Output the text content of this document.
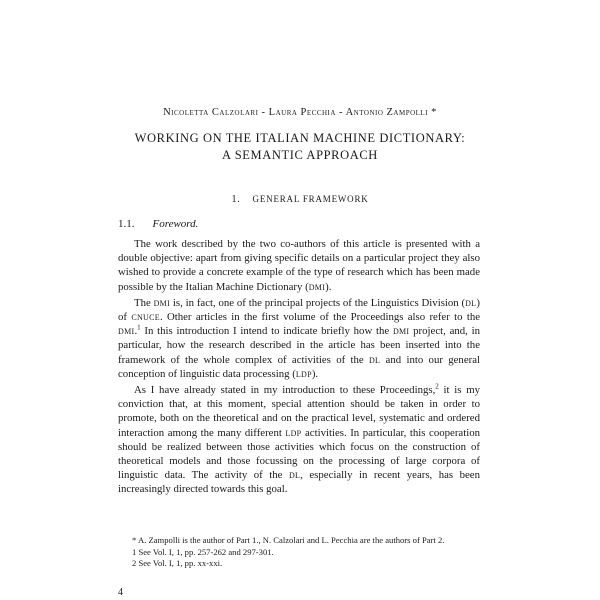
Nicoletta Calzolari - Laura Pecchia - Antonio Zampolli *
WORKING ON THE ITALIAN MACHINE DICTIONARY:
A SEMANTIC APPROACH
1. GENERAL FRAMEWORK
1.1. Foreword.

The work described by the two co-authors of this article is presented with a double objective: apart from giving specific details on a particular project they also wished to provide a concrete example of the type of research which has been made possible by the Italian Machine Dictionary (dmi).

The dmi is, in fact, one of the principal projects of the Linguistics Division (dl) of cnuce. Other articles in the first volume of the Proceedings also refer to the dmi.$^1$ In this introduction I intend to indicate briefly how the dmi project, and, in particular, how the research described in the article has been inserted into the framework of the whole complex of activities of the dl and into our general conception of linguistic data processing (ldp).

As I have already stated in my introduction to these Proceedings,$^2$ it is my conviction that, at this moment, special attention should be taken in order to promote, both on the theoretical and on the practical level, systematic and ordered interaction among the many different ldp activities. In particular, this cooperation should be realized between those activities which focus on the construction of theoretical models and those focussing on the processing of large corpora of linguistic data. The activity of the dl, especially in recent years, has been increasingly directed towards this goal.

* A. Zampolli is the author of Part 1., N. Calzolari and L. Pecchia are the authors of Part 2.
1 See Vol. I, 1, pp. 257-262 and 297-301.
2 See Vol. I, 1, pp. xx-xxi.
4
